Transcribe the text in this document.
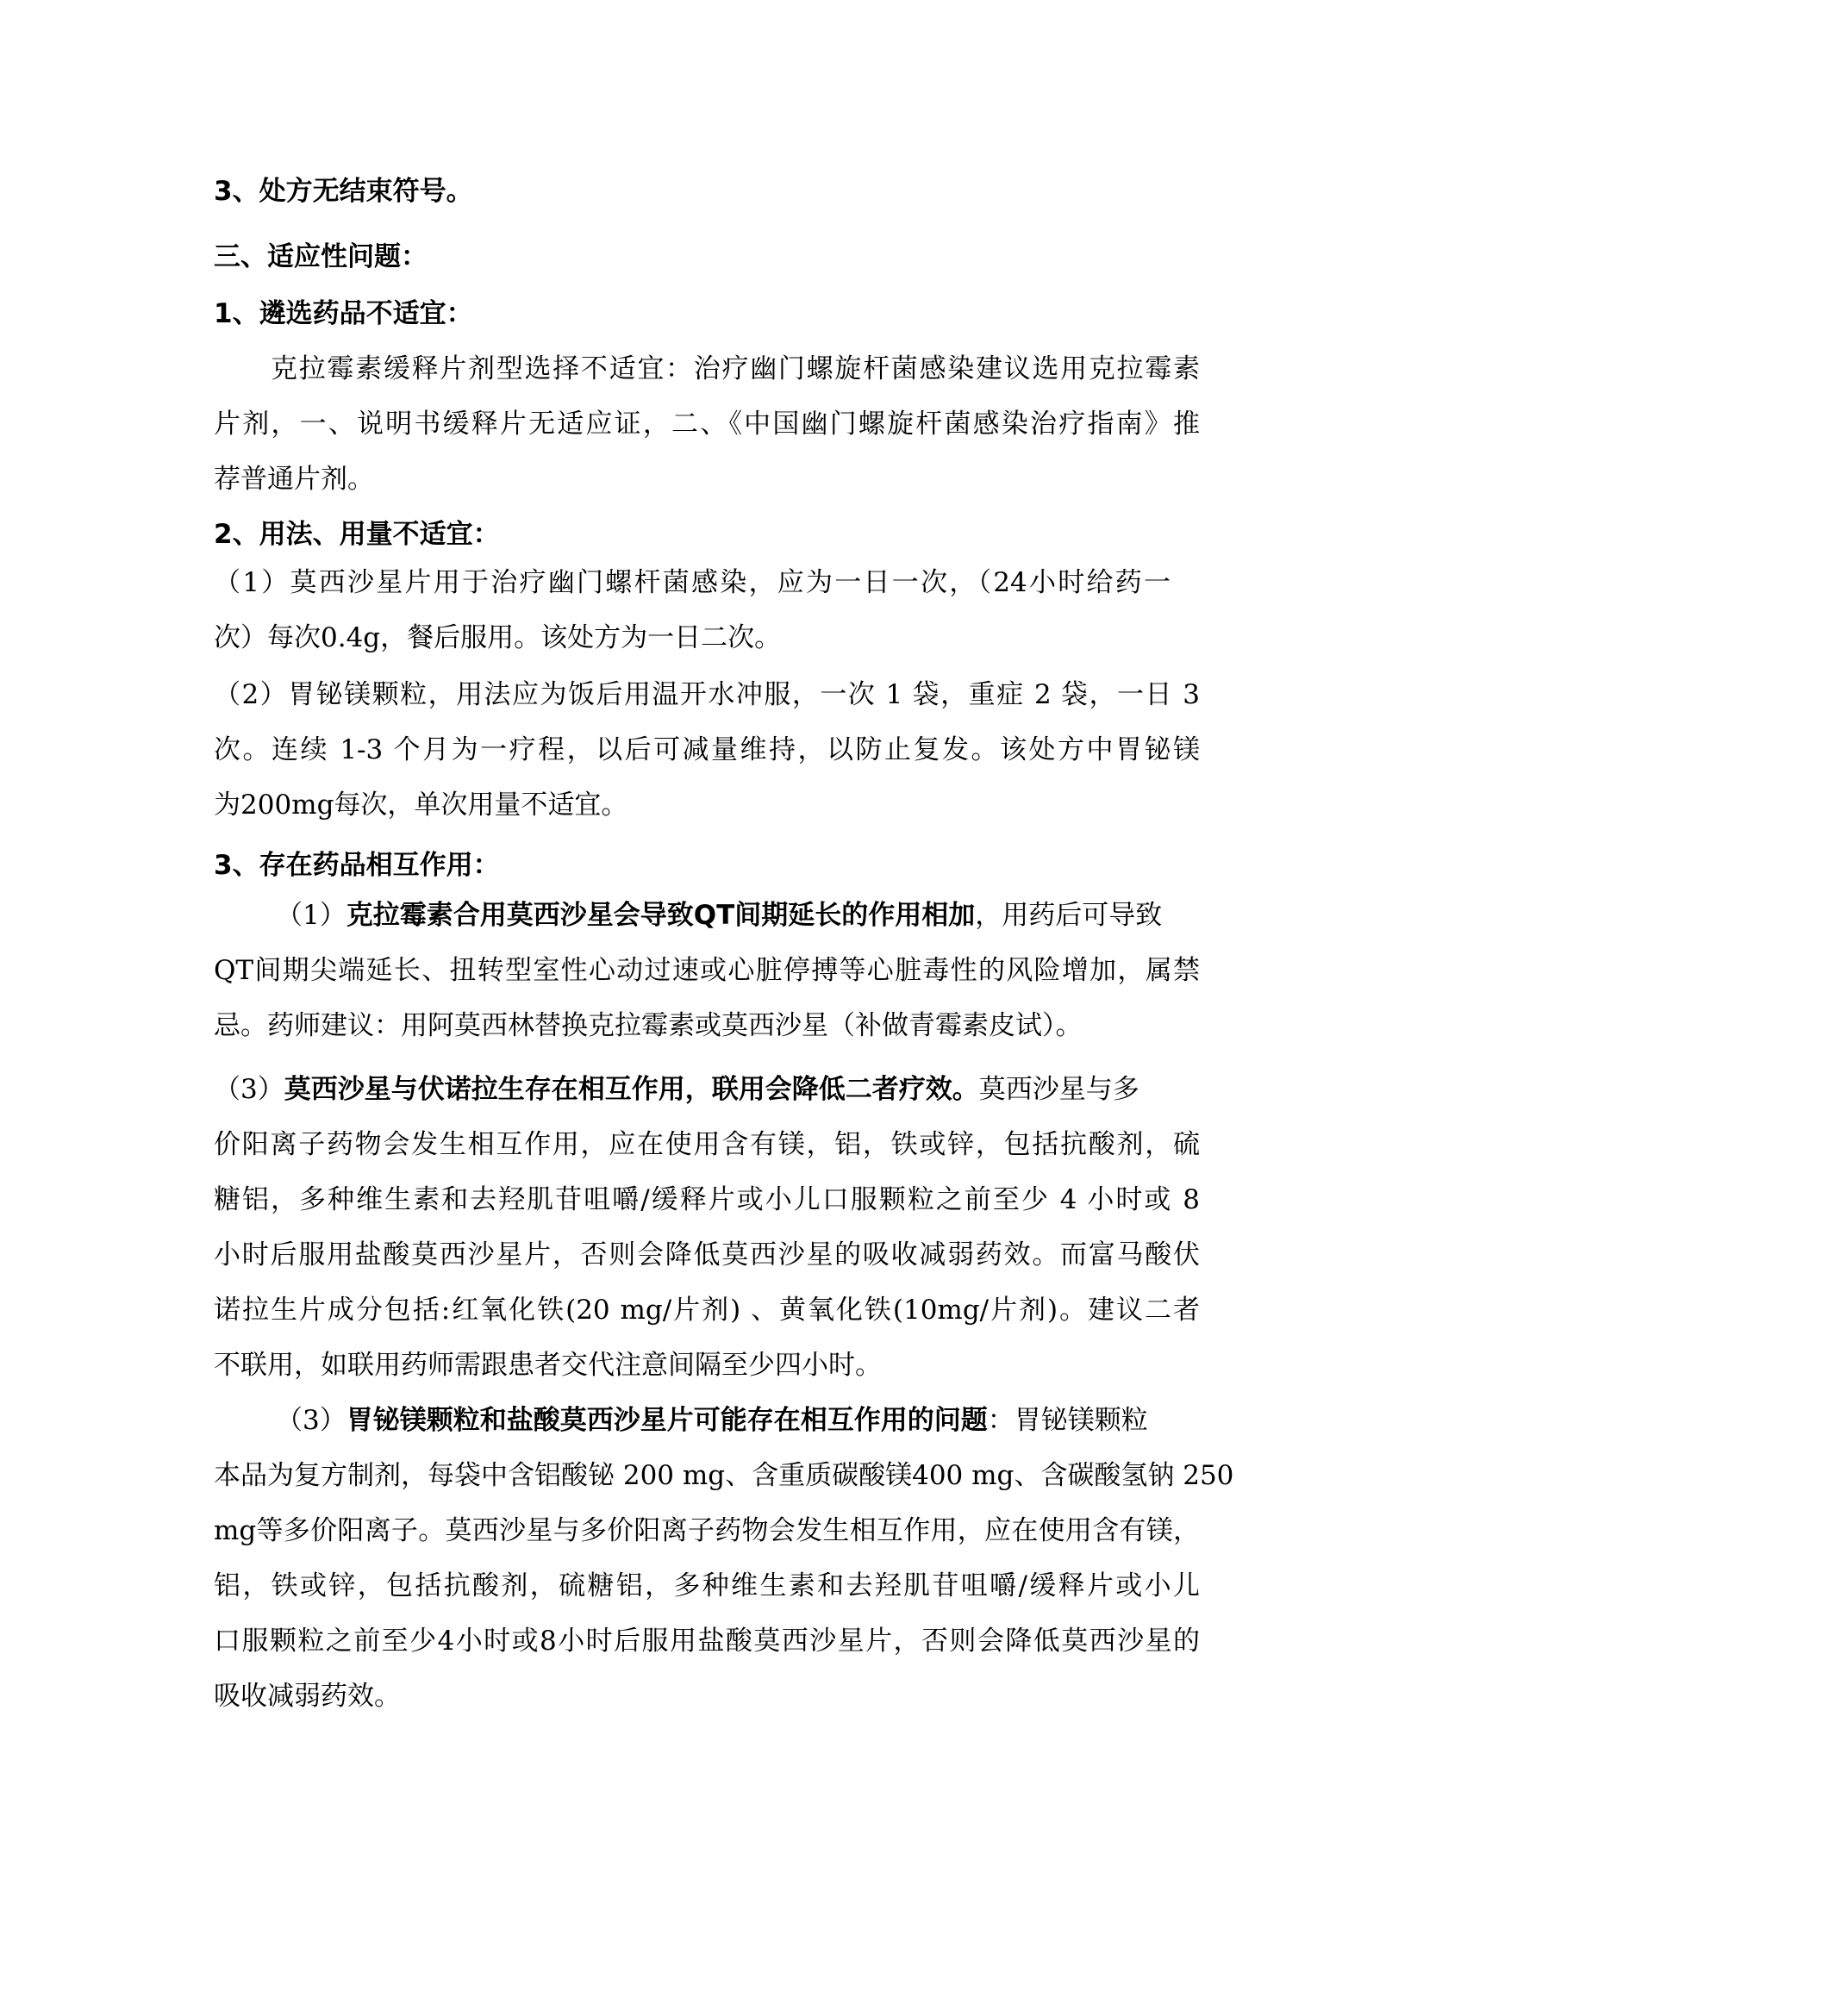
3、处方无结束符号。
三、适应性问题：
1、遴选药品不适宜：
克拉霉素缓释片剂型选择不适宜：治疗幽门螺旋杆菌感染建议选用克拉霉素
片剂，一、说明书缓释片无适应证，二、《中国幽门螺旋杆菌感染治疗指南》推
荐普通片剂。
2、用法、用量不适宜：
（1）莫西沙星片用于治疗幽门螺杆菌感染，应为一日一次，（24小时给药一
次）每次0.4g，餐后服用。该处方为一日二次。
（2）胃铋镁颗粒，用法应为饭后用温开水冲服，一次 1 袋，重症 2 袋，一日 3
次。连续 1-3 个月为一疗程，以后可减量维持，以防止复发。该处方中胃铋镁
为200mg每次，单次用量不适宜。
3、存在药品相互作用：
（1）克拉霉素合用莫西沙星会导致QT间期延长的作用相加，用药后可导致
QT间期尖端延长、扭转型室性心动过速或心脏停搏等心脏毒性的风险增加，属禁
忌。药师建议：用阿莫西林替换克拉霉素或莫西沙星（补做青霉素皮试）。
（3）莫西沙星与伏诺拉生存在相互作用，联用会降低二者疗效。莫西沙星与多
价阳离子药物会发生相互作用，应在使用含有镁，铝，铁或锌，包括抗酸剂，硫
糖铝，多种维生素和去羟肌苷咀嚼/缓释片或小儿口服颗粒之前至少 4 小时或 8
小时后服用盐酸莫西沙星片，否则会降低莫西沙星的吸收减弱药效。而富马酸伏
诺拉生片成分包括:红氧化铁(20 mg/片剂) 、黄氧化铁(10mg/片剂)。建议二者
不联用，如联用药师需跟患者交代注意间隔至少四小时。
（3）胃铋镁颗粒和盐酸莫西沙星片可能存在相互作用的问题：胃铋镁颗粒
本品为复方制剂，每袋中含铝酸铋 200 mg、含重质碳酸镁400 mg、含碳酸氢钠 250
mg等多价阳离子。莫西沙星与多价阳离子药物会发生相互作用，应在使用含有镁，
铝，铁或锌，包括抗酸剂，硫糖铝，多种维生素和去羟肌苷咀嚼/缓释片或小儿
口服颗粒之前至少4小时或8小时后服用盐酸莫西沙星片，否则会降低莫西沙星的
吸收减弱药效。
